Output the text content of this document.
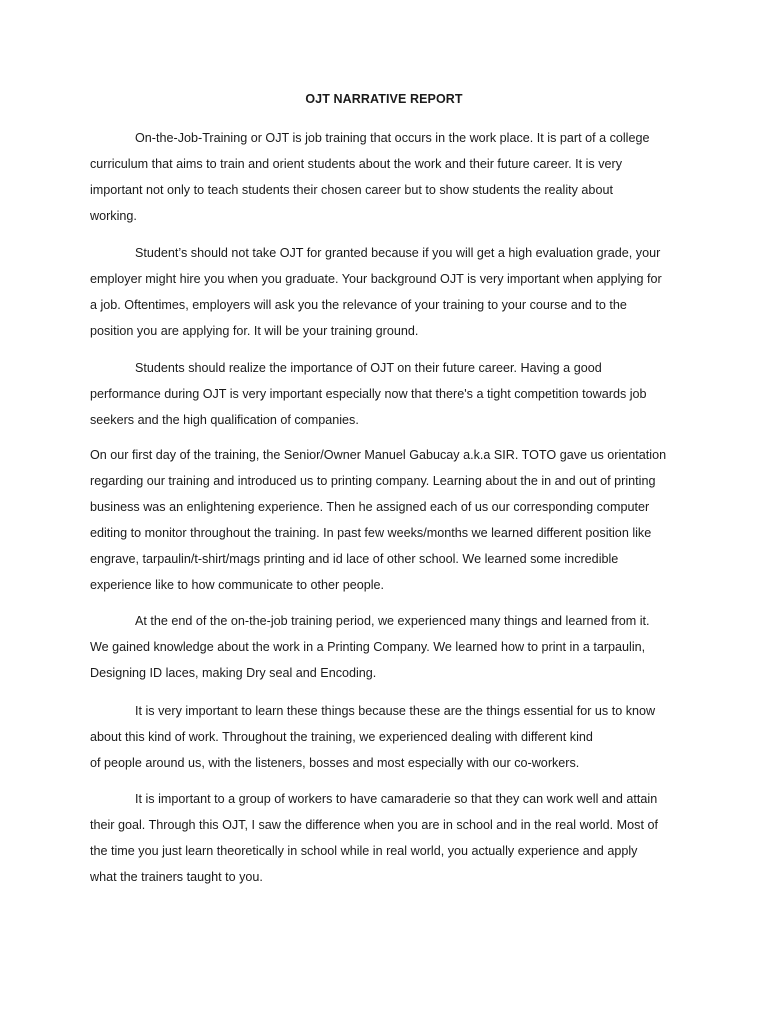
OJT NARRATIVE REPORT
On-the-Job-Training or OJT is job training that occurs in the work place. It is part of a college
curriculum that aims to train and orient students about the work and their future career. It is very
important not only to teach students their chosen career but to show students the reality about
working.
Student’s should not take OJT for granted because if you will get a high evaluation grade, your
employer might hire you when you graduate. Your background OJT is very important when applying for
a job. Oftentimes, employers will ask you the relevance of your training to your course and to the
position you are applying for. It will be your training ground.
Students should realize the importance of OJT on their future career. Having a good
performance during OJT is very important especially now that there's a tight competition towards job
seekers and the high qualification of companies.
On our first day of the training, the Senior/Owner Manuel Gabucay a.k.a SIR. TOTO gave us orientation
regarding our training and introduced us to printing company. Learning about the in and out of printing
business was an enlightening experience. Then he assigned each of us our corresponding computer
editing to monitor throughout the training. In past few weeks/months we learned different position like
engrave, tarpaulin/t-shirt/mags printing and id lace of other school. We learned some incredible
experience like to how communicate to other people.
At the end of the on-the-job training period, we experienced many things and learned from it.
We gained knowledge about the work in a Printing Company. We learned how to print in a tarpaulin,
Designing ID laces, making Dry seal and Encoding.
It is very important to learn these things because these are the things essential for us to know
about this kind of work. Throughout the training, we experienced dealing with different kind
of people around us, with the listeners, bosses and most especially with our co-workers.
It is important to a group of workers to have camaraderie so that they can work well and attain
their goal. Through this OJT, I saw the difference when you are in school and in the real world. Most of
the time you just learn theoretically in school while in real world, you actually experience and apply
what the trainers taught to you.
